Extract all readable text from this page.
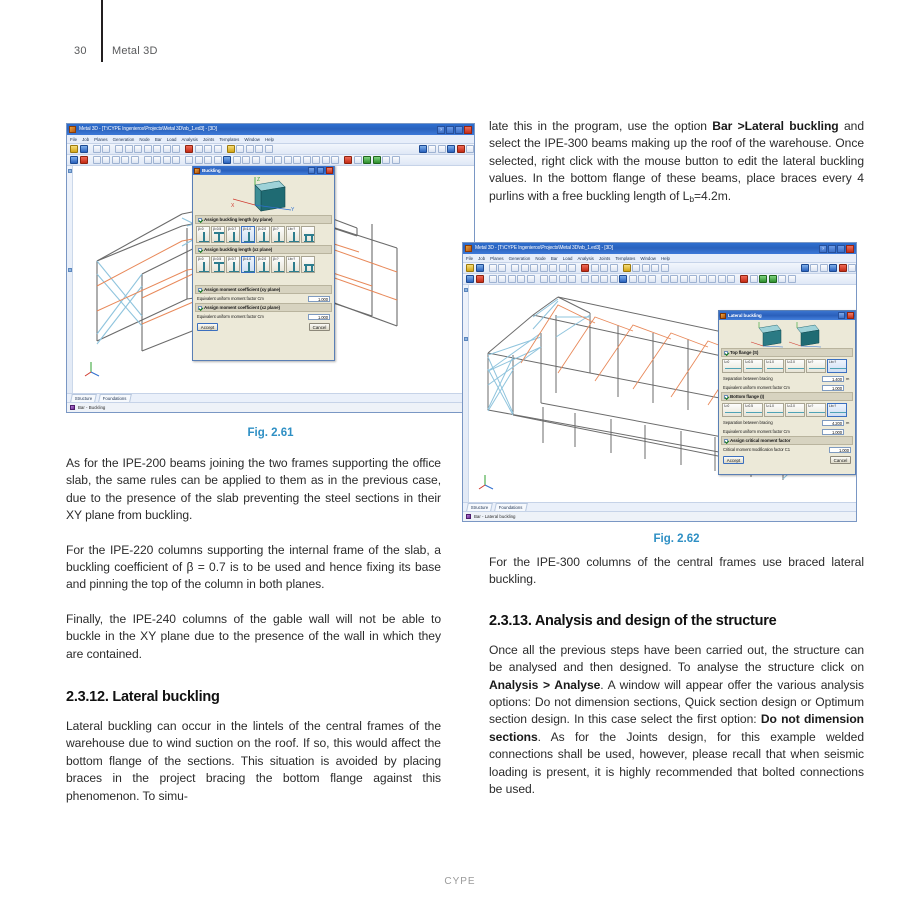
30 Metal 3D
Metal 3D - [T:\CYPE Ingenieros\Projects\Metal 3D\nb_1.ed3] - [3D]	?
File Job Planes Generation Node Bar Load Analysis Joints Templates Window Help
Buckling
Z
X
Y
Assign buckling length (xy plane)
β=0	β=0.5 β=0.7 β=1.0 β=2.0 β=?	Lb=?
Assign buckling length (xz plane)
β=0	β=0.5 β=0.7 β=1.0 β=2.0 β=?	Lb=?
Assign moment coefficient (xy plane)
Equivalent uniform moment factor Cm	1.000
Assign moment coefficient (xz plane)
Equivalent uniform moment factor Cm	1.000
Accept	Cancel
Structure	Foundations
Bar - Buckling
Fig. 2.61

As for the IPE-200 beams joining the two frames supporting the office slab, the same rules can be applied to them as in the previous case, due to the presence of the slab preventing the steel sections in their XY plane from buckling.

For the IPE-220 columns supporting the internal frame of the slab, a buckling coefficient of β = 0.7 is to be used and hence fixing its base and pinning the top of the column in both planes.

Finally, the IPE-240 columns of the gable wall will not be able to buckle in the XY plane due to the presence of the wall in which they are contained.

2.3.12. Lateral buckling

Lateral buckling can occur in the lintels of the central frames of the warehouse due to wind suction on the roof. If so, this would affect the bottom flange of the sections. This situation is avoided by placing braces in the project bracing the bottom flange against this phenomenon. To simu-

late this in the program, use the option Bar >Lateral buckling and select the IPE-300 beams making up the roof of the warehouse. Once selected, right click with the mouse button to edit the lateral buckling values. In the bottom flange of these beams, place braces every 4 purlins with a free buckling length of $L_b=4.2m$.

Metal 3D - [T:\CYPE Ingenieros\Projects\Metal 3D\nb_1.ed3] - [3D]	?
File Job Planes Generation Node Bar Load Analysis Joints Templates Window Help
Lateral buckling
Top flange (S)
λ=0	λ=0.5	λ=1.0	λ=2.0	λ=?	Lb=?
Separation between bracing	1.400	m
Equivalent uniform moment factor Cm	1.000
Bottom flange (I)
λ=0	λ=0.5	λ=1.0	λ=2.0	λ=?	Lb=?
Separation between bracing	4.200	m
Equivalent uniform moment factor Cm	1.000
Assign critical moment factor
Critical moment modification factor C1	1.000
Accept	Cancel
Structure	Foundations
Bar - Lateral buckling
Fig. 2.62

For the IPE-300 columns of the central frames use braced lateral buckling.

2.3.13. Analysis and design of the structure

Once all the previous steps have been carried out, the structure can be analysed and then designed. To analyse the structure click on Analysis > Analyse. A window will appear offer the various analysis options: Do not dimension sections, Quick section design or Optimum section design. In this case select the first option: Do not dimension sections. As for the Joints design, for this example welded connections shall be used, however, please recall that when seismic loading is present, it is highly recommended that bolted connections be used.

CYPE
